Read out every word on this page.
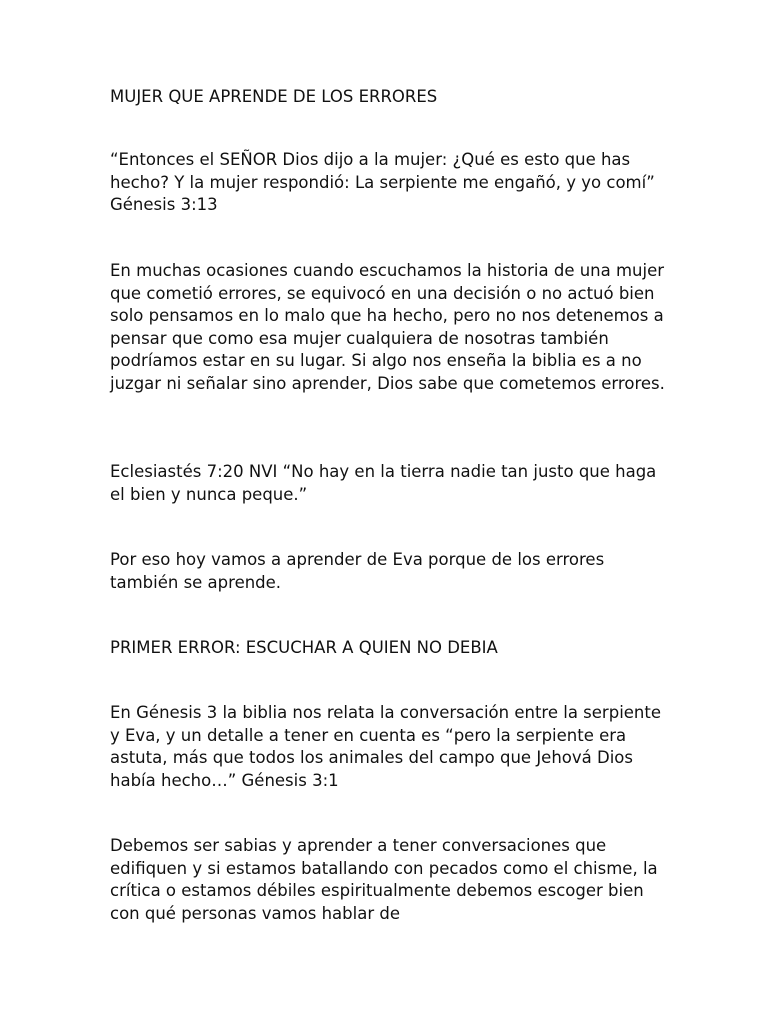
MUJER QUE APRENDE DE LOS ERRORES

“Entonces el SEÑOR Dios dijo a la mujer: ¿Qué es esto que has hecho? Y la mujer respondió: La serpiente me engañó, y yo comí” Génesis 3:13

En muchas ocasiones cuando escuchamos la historia de una mujer que cometió errores, se equivocó en una decisión o no actuó bien solo pensamos en lo malo que ha hecho, pero no nos detenemos a pensar que como esa mujer cualquiera de nosotras también podríamos estar en su lugar. Si algo nos enseña la biblia es a no juzgar ni señalar sino aprender, Dios sabe que cometemos errores.

Eclesiastés 7:20 NVI “No hay en la tierra nadie tan justo que haga el bien y nunca peque.”

Por eso hoy vamos a aprender de Eva porque de los errores también se aprende.

PRIMER ERROR: ESCUCHAR A QUIEN NO DEBIA

En Génesis 3 la biblia nos relata la conversación entre la serpiente y Eva, y un detalle a tener en cuenta es “pero la serpiente era astuta, más que todos los animales del campo que Jehová Dios había hecho…” Génesis 3:1

Debemos ser sabias y aprender a tener conversaciones que edifiquen y si estamos batallando con pecados como el chisme, la crítica o estamos débiles espiritualmente debemos escoger bien con qué personas vamos hablar de
